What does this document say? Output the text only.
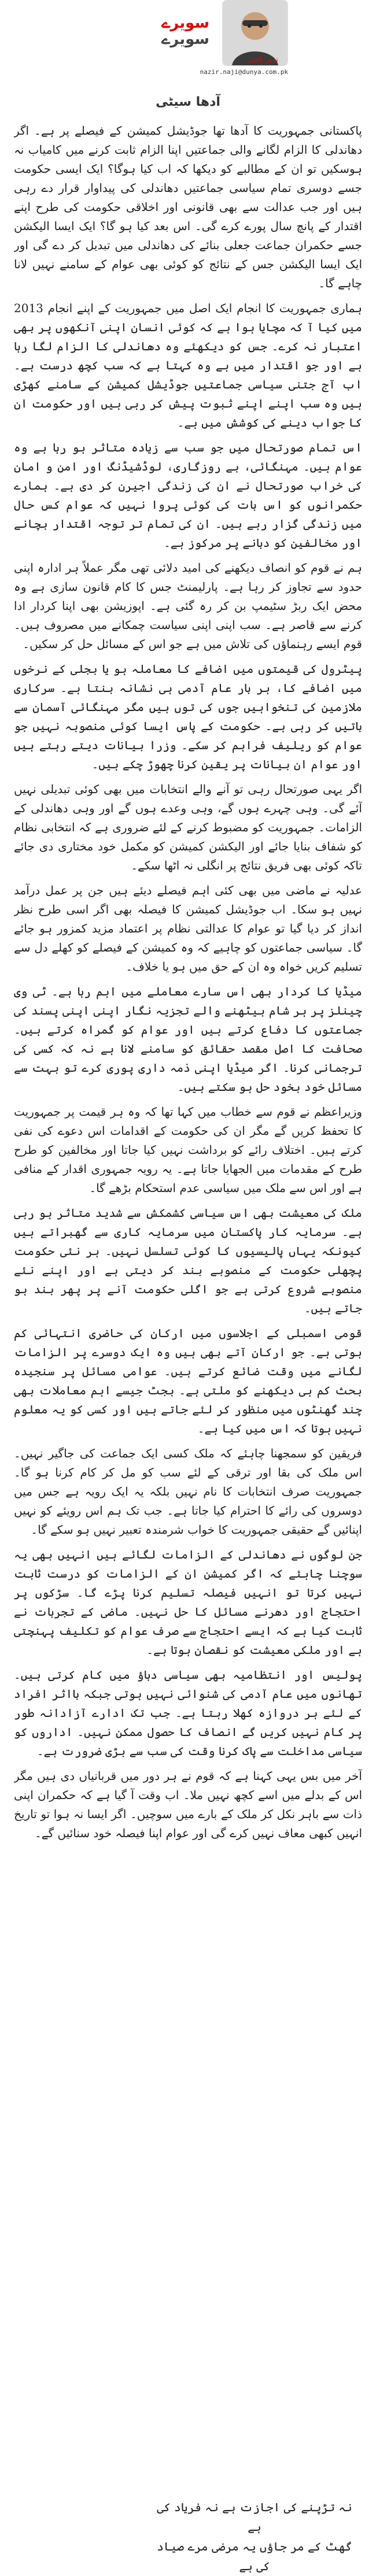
سویرے
سویرے
نذیر ناجی
nazir.naji@dunya.com.pk
آدھا سیٹی

پاکستانی جمہوریت کا آدھا تھا جوڈیشل کمیشن کے فیصلے پر ہے۔ اگر دھاندلی کا الزام لگانے والی جماعتیں اپنا الزام ثابت کرنے میں کامیاب نہ ہوسکیں تو ان کے مطالبے کو دیکھا کہ اب کیا ہوگا؟ ایک ایسی حکومت جسے دوسری تمام سیاسی جماعتیں دھاندلی کی پیداوار قرار دے رہی ہیں اور جب عدالت سے بھی قانونی اور اخلاقی حکومت کی طرح اپنے اقتدار کے پانچ سال پورے کرے گی۔ اس بعد کیا ہو گا؟ ایک ایسا الیکشن جسے حکمران جماعت جعلی بنائے کی دھاندلی میں تبدیل کر دے گی اور ایک ایسا الیکشن جس کے نتائج کو کوئی بھی عوام کے سامنے نہیں لانا چاہے گا۔

ہماری جمہوریت کا انجام ایک اصل میں جمہوریت کے اپنے انجام 2013 میں کیا آ کہ مچایا ہوا ہے کہ کوئی انسان اپنی آنکھوں پر بھی اعتبار نہ کرے۔ جس کو دیکھئے وہ دھاندلی کا الزام لگا رہا ہے اور جو اقتدار میں ہے وہ کہتا ہے کہ سب کچھ درست ہے۔ اب آج جتنی سیاسی جماعتیں جوڈیشل کمیشن کے سامنے کھڑی ہیں وہ سب اپنے اپنے ثبوت پیش کر رہی ہیں اور حکومت ان کا جواب دینے کی کوشش میں ہے۔

اس تمام صورتحال میں جو سب سے زیادہ متاثر ہو رہا ہے وہ عوام ہیں۔ مہنگائی، بے روزگاری، لوڈشیڈنگ اور امن و امان کی خراب صورتحال نے ان کی زندگی اجیرن کر دی ہے۔ ہمارے حکمرانوں کو اس بات کی کوئی پروا نہیں کہ عوام کس حال میں زندگی گزار رہے ہیں۔ ان کی تمام تر توجہ اقتدار بچانے اور مخالفین کو دبانے پر مرکوز ہے۔

ہم نے قوم کو انصاف دیکھنے کی امید دلائی تھی مگر عملاً ہر ادارہ اپنی حدود سے تجاوز کر رہا ہے۔ پارلیمنٹ جس کا کام قانون سازی ہے وہ محض ایک ربڑ سٹیمپ بن کر رہ گئی ہے۔ اپوزیشن بھی اپنا کردار ادا کرنے سے قاصر ہے۔ سب اپنی اپنی سیاست چمکانے میں مصروف ہیں۔ قوم ایسے رہنماؤں کی تلاش میں ہے جو اس کے مسائل حل کر سکیں۔

پیٹرول کی قیمتوں میں اضافے کا معاملہ ہو یا بجلی کے نرخوں میں اضافے کا، ہر بار عام آدمی ہی نشانہ بنتا ہے۔ سرکاری ملازمین کی تنخواہیں جوں کی توں ہیں مگر مہنگائی آسمان سے باتیں کر رہی ہے۔ حکومت کے پاس ایسا کوئی منصوبہ نہیں جو عوام کو ریلیف فراہم کر سکے۔ وزرا بیانات دیتے رہتے ہیں اور عوام ان بیانات پر یقین کرنا چھوڑ چکے ہیں۔

اگر یہی صورتحال رہی تو آنے والے انتخابات میں بھی کوئی تبدیلی نہیں آئے گی۔ وہی چہرے ہوں گے، وہی وعدے ہوں گے اور وہی دھاندلی کے الزامات۔ جمہوریت کو مضبوط کرنے کے لئے ضروری ہے کہ انتخابی نظام کو شفاف بنایا جائے اور الیکشن کمیشن کو مکمل خود مختاری دی جائے تاکہ کوئی بھی فریق نتائج پر انگلی نہ اٹھا سکے۔

عدلیہ نے ماضی میں بھی کئی اہم فیصلے دیئے ہیں جن پر عمل درآمد نہیں ہو سکا۔ اب جوڈیشل کمیشن کا فیصلہ بھی اگر اسی طرح نظر انداز کر دیا گیا تو عوام کا عدالتی نظام پر اعتماد مزید کمزور ہو جائے گا۔ سیاسی جماعتوں کو چاہیے کہ وہ کمیشن کے فیصلے کو کھلے دل سے تسلیم کریں خواہ وہ ان کے حق میں ہو یا خلاف۔

میڈیا کا کردار بھی اس سارے معاملے میں اہم رہا ہے۔ ٹی وی چینلز پر ہر شام بیٹھنے والے تجزیہ نگار اپنی اپنی پسند کی جماعتوں کا دفاع کرتے ہیں اور عوام کو گمراہ کرتے ہیں۔ صحافت کا اصل مقصد حقائق کو سامنے لانا ہے نہ کہ کسی کی ترجمانی کرنا۔ اگر میڈیا اپنی ذمہ داری پوری کرے تو بہت سے مسائل خود بخود حل ہو سکتے ہیں۔

وزیراعظم نے قوم سے خطاب میں کہا تھا کہ وہ ہر قیمت پر جمہوریت کا تحفظ کریں گے مگر ان کی حکومت کے اقدامات اس دعوے کی نفی کرتے ہیں۔ اختلاف رائے کو برداشت نہیں کیا جاتا اور مخالفین کو طرح طرح کے مقدمات میں الجھایا جاتا ہے۔ یہ رویہ جمہوری اقدار کے منافی ہے اور اس سے ملک میں سیاسی عدم استحکام بڑھے گا۔

ملک کی معیشت بھی اس سیاسی کشمکش سے شدید متاثر ہو رہی ہے۔ سرمایہ کار پاکستان میں سرمایہ کاری سے گھبراتے ہیں کیونکہ یہاں پالیسیوں کا کوئی تسلسل نہیں۔ ہر نئی حکومت پچھلی حکومت کے منصوبے بند کر دیتی ہے اور اپنے نئے منصوبے شروع کرتی ہے جو اگلی حکومت آنے پر پھر بند ہو جاتے ہیں۔

قومی اسمبلی کے اجلاسوں میں ارکان کی حاضری انتہائی کم ہوتی ہے۔ جو ارکان آتے بھی ہیں وہ ایک دوسرے پر الزامات لگانے میں وقت ضائع کرتے ہیں۔ عوامی مسائل پر سنجیدہ بحث کم ہی دیکھنے کو ملتی ہے۔ بجٹ جیسے اہم معاملات بھی چند گھنٹوں میں منظور کر لئے جاتے ہیں اور کسی کو یہ معلوم نہیں ہوتا کہ اس میں کیا ہے۔

فریقین کو سمجھنا چاہئے کہ ملک کسی ایک جماعت کی جاگیر نہیں۔ اس ملک کی بقا اور ترقی کے لئے سب کو مل کر کام کرنا ہو گا۔ جمہوریت صرف انتخابات کا نام نہیں بلکہ یہ ایک رویہ ہے جس میں دوسروں کی رائے کا احترام کیا جاتا ہے۔ جب تک ہم اس رویئے کو نہیں اپنائیں گے حقیقی جمہوریت کا خواب شرمندہ تعبیر نہیں ہو سکے گا۔

جن لوگوں نے دھاندلی کے الزامات لگائے ہیں انہیں بھی یہ سوچنا چاہئے کہ اگر کمیشن ان کے الزامات کو درست ثابت نہیں کرتا تو انہیں فیصلہ تسلیم کرنا پڑے گا۔ سڑکوں پر احتجاج اور دھرنے مسائل کا حل نہیں۔ ماضی کے تجربات نے ثابت کیا ہے کہ ایسے احتجاج سے صرف عوام کو تکلیف پہنچتی ہے اور ملکی معیشت کو نقصان ہوتا ہے۔

پولیس اور انتظامیہ بھی سیاسی دباؤ میں کام کرتی ہیں۔ تھانوں میں عام آدمی کی شنوائی نہیں ہوتی جبکہ بااثر افراد کے لئے ہر دروازہ کھلا رہتا ہے۔ جب تک ادارے آزادانہ طور پر کام نہیں کریں گے انصاف کا حصول ممکن نہیں۔ اداروں کو سیاسی مداخلت سے پاک کرنا وقت کی سب سے بڑی ضرورت ہے۔

آخر میں بس یہی کہنا ہے کہ قوم نے ہر دور میں قربانیاں دی ہیں مگر اس کے بدلے میں اسے کچھ نہیں ملا۔ اب وقت آ گیا ہے کہ حکمران اپنی ذات سے باہر نکل کر ملک کے بارے میں سوچیں۔ اگر ایسا نہ ہوا تو تاریخ انہیں کبھی معاف نہیں کرے گی اور عوام اپنا فیصلہ خود سنائیں گے۔

نہ تڑپنے کی اجازت ہے نہ فریاد کی ہے
گھٹ کے مر جاؤں یہ مرضی مرے صیاد کی ہے
